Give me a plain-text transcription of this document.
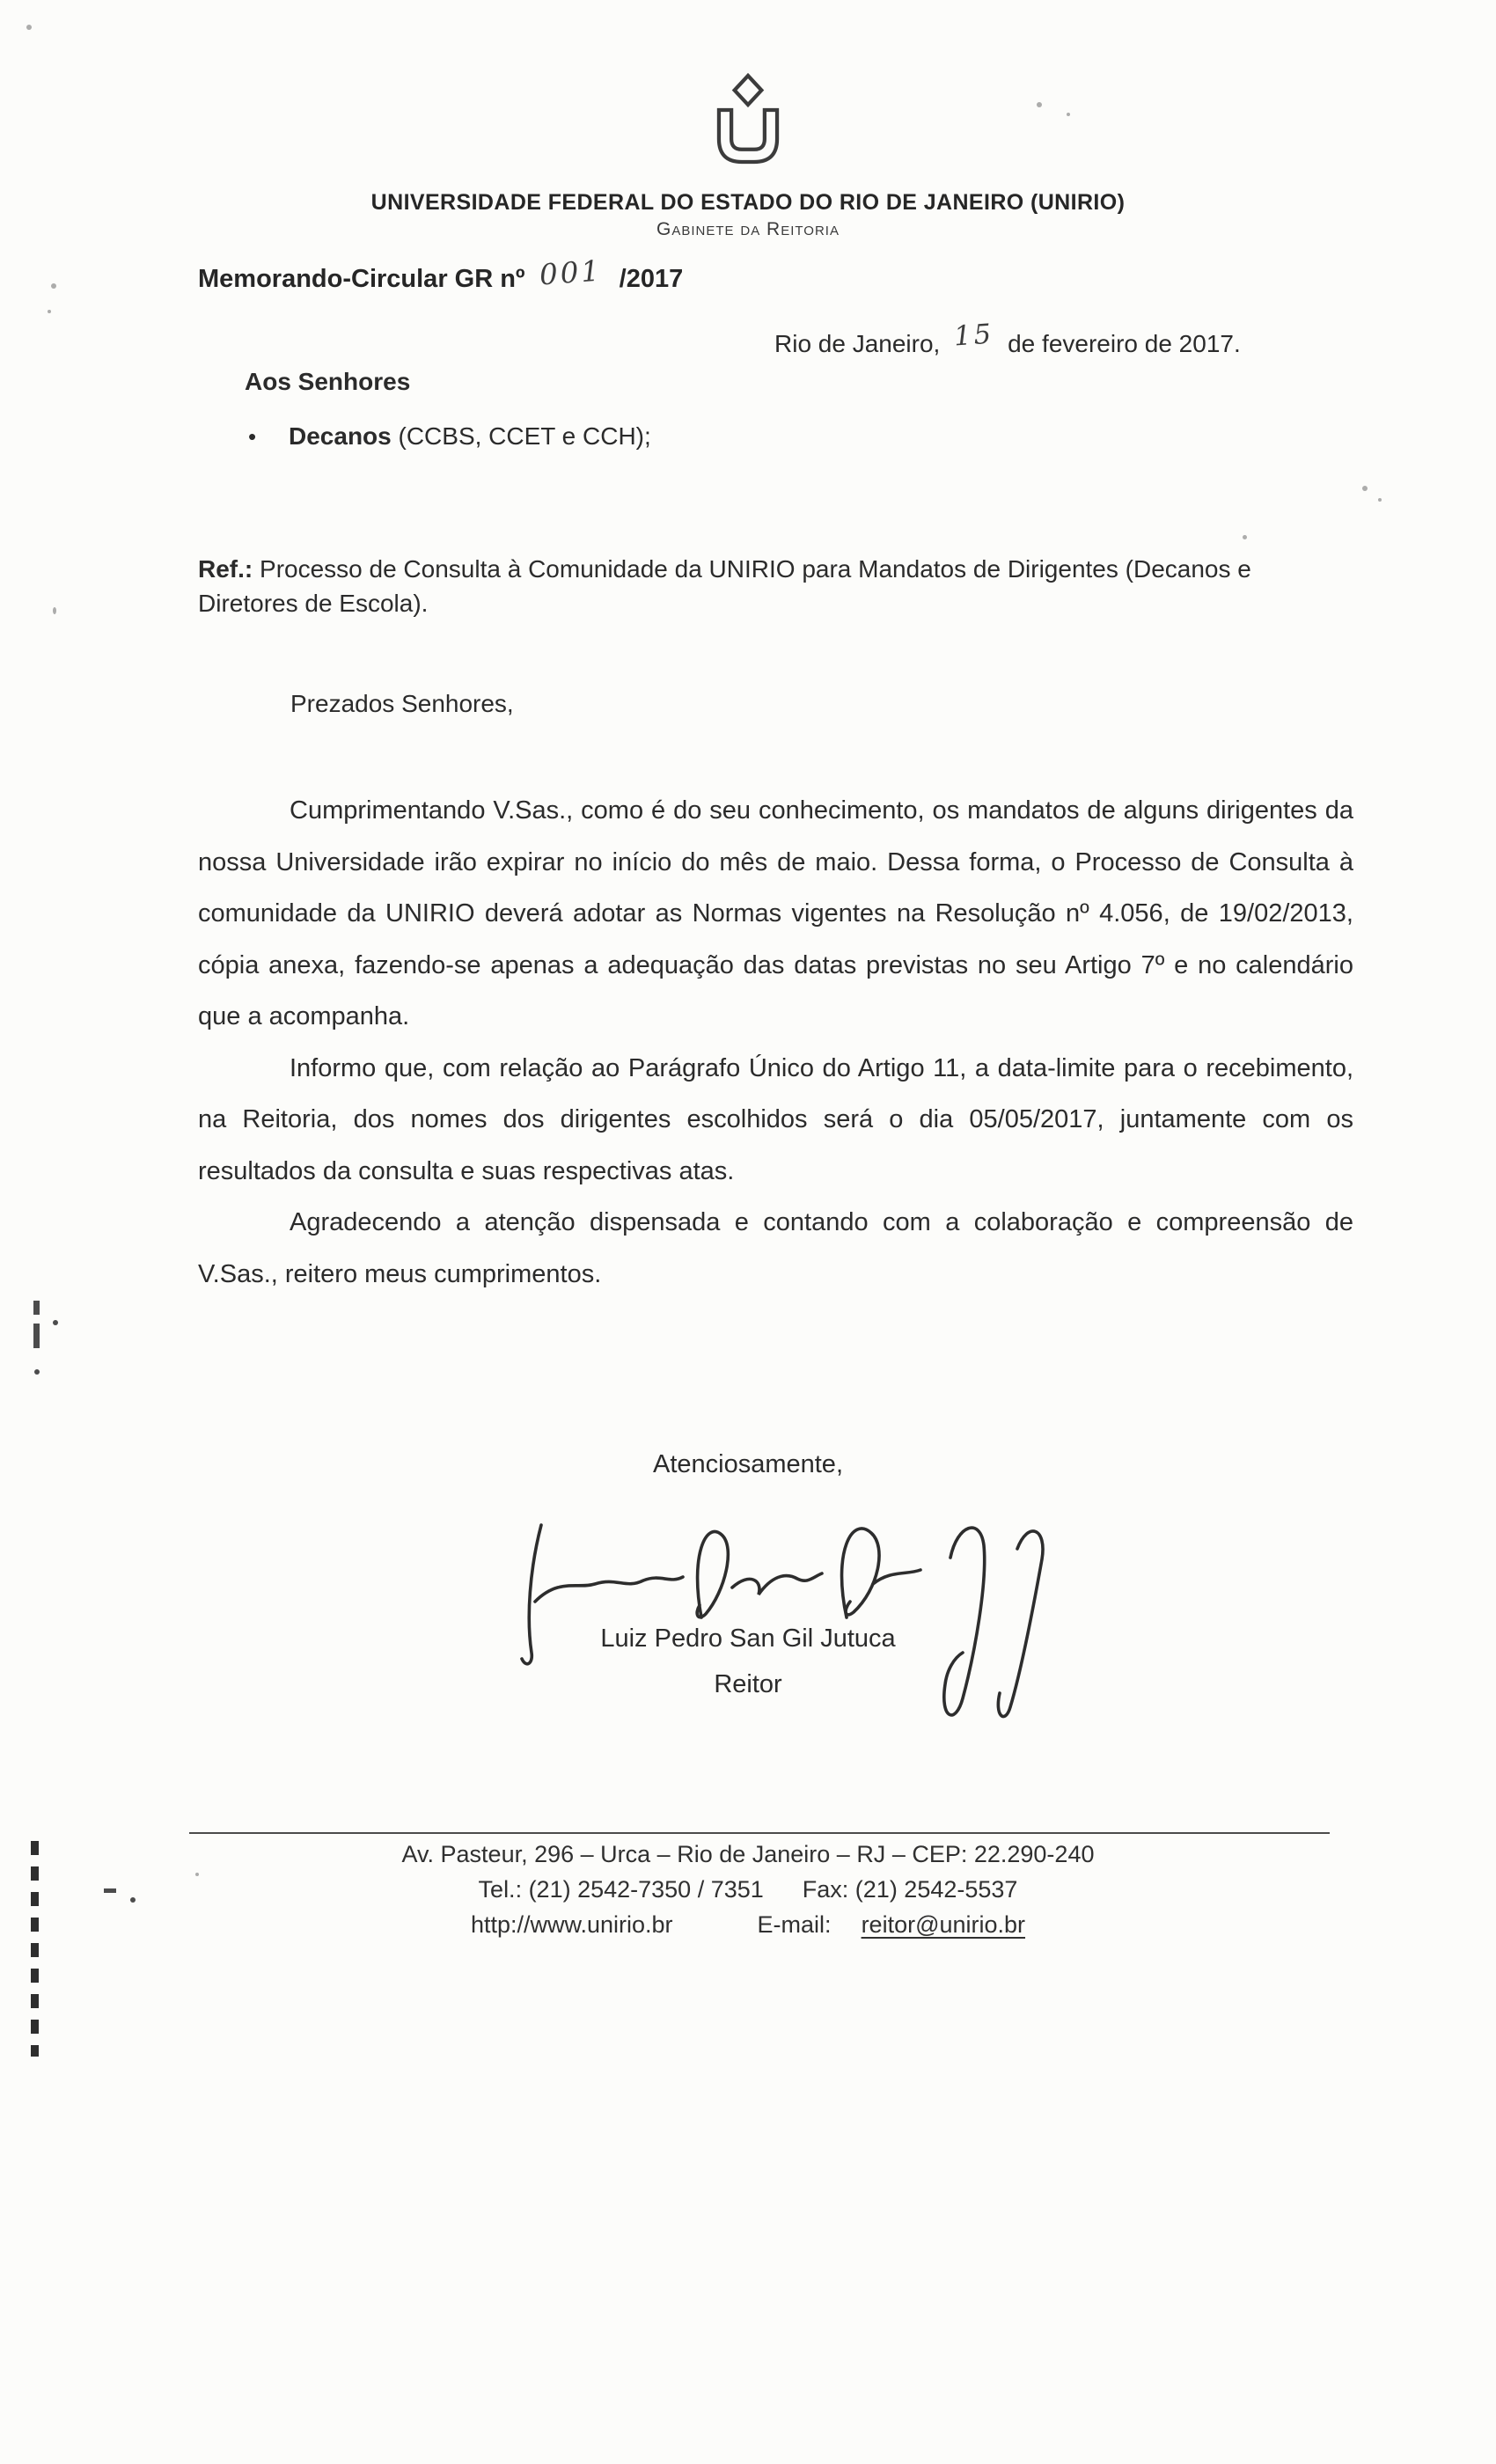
UNIVERSIDADE FEDERAL DO ESTADO DO RIO DE JANEIRO (UNIRIO)
Gabinete da Reitoria
Memorando-Circular GR nº 001 /2017
Rio de Janeiro, 15 de fevereiro de 2017.
Aos Senhores
• Decanos (CCBS, CCET e CCH);
Ref.: Processo de Consulta à Comunidade da UNIRIO para Mandatos de Dirigentes (Decanos e Diretores de Escola).
Prezados Senhores,

Cumprimentando V.Sas., como é do seu conhecimento, os mandatos de alguns dirigentes da nossa Universidade irão expirar no início do mês de maio. Dessa forma, o Processo de Consulta à comunidade da UNIRIO deverá adotar as Normas vigentes na Resolução nº 4.056, de 19/02/2013, cópia anexa, fazendo-se apenas a adequação das datas previstas no seu Artigo 7º e no calendário que a acompanha.

Informo que, com relação ao Parágrafo Único do Artigo 11, a data-limite para o recebimento, na Reitoria, dos nomes dos dirigentes escolhidos será o dia 05/05/2017, juntamente com os resultados da consulta e suas respectivas atas.

Agradecendo a atenção dispensada e contando com a colaboração e compreensão de V.Sas., reitero meus cumprimentos.

Atenciosamente,
Luiz Pedro San Gil Jutuca
Reitor
Av. Pasteur, 296 – Urca – Rio de Janeiro – RJ – CEP: 22.290-240
Tel.: (21) 2542-7350 / 7351 Fax: (21) 2542-5537
http://www.unirio.br	E-mail: reitor@unirio.br
